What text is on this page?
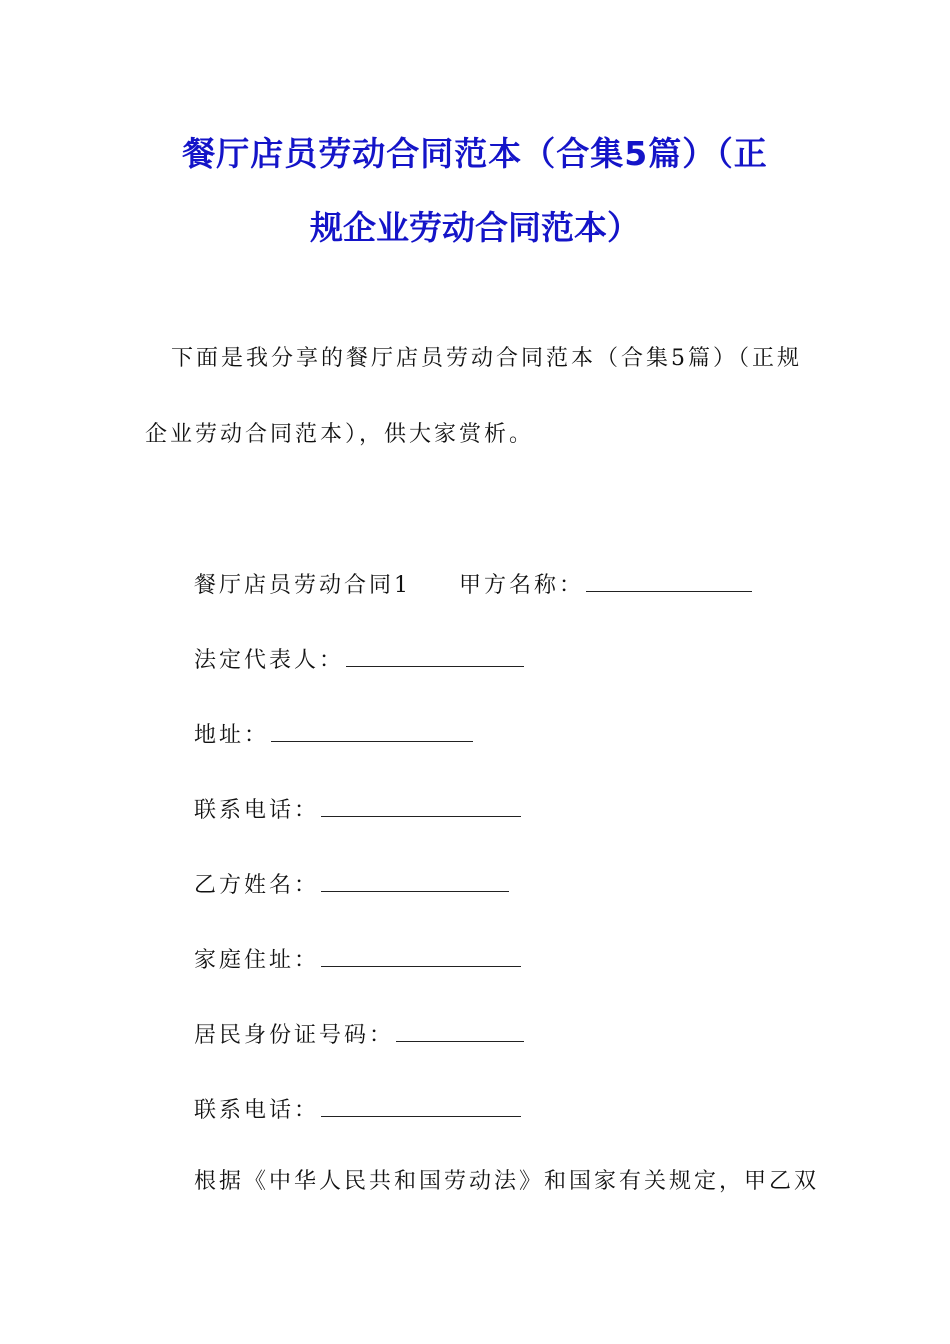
餐厅店员劳动合同范本（合集5篇）（正
规企业劳动合同范本）
下面是我分享的餐厅店员劳动合同范本（合集5篇）（正规
企业劳动合同范本），供大家赏析。
餐厅店员劳动合同1 甲方名称：
法定代表人：
地址：
联系电话：
乙方姓名：
家庭住址：
居民身份证号码：
联系电话：
根据《中华人民共和国劳动法》和国家有关规定，甲乙双
